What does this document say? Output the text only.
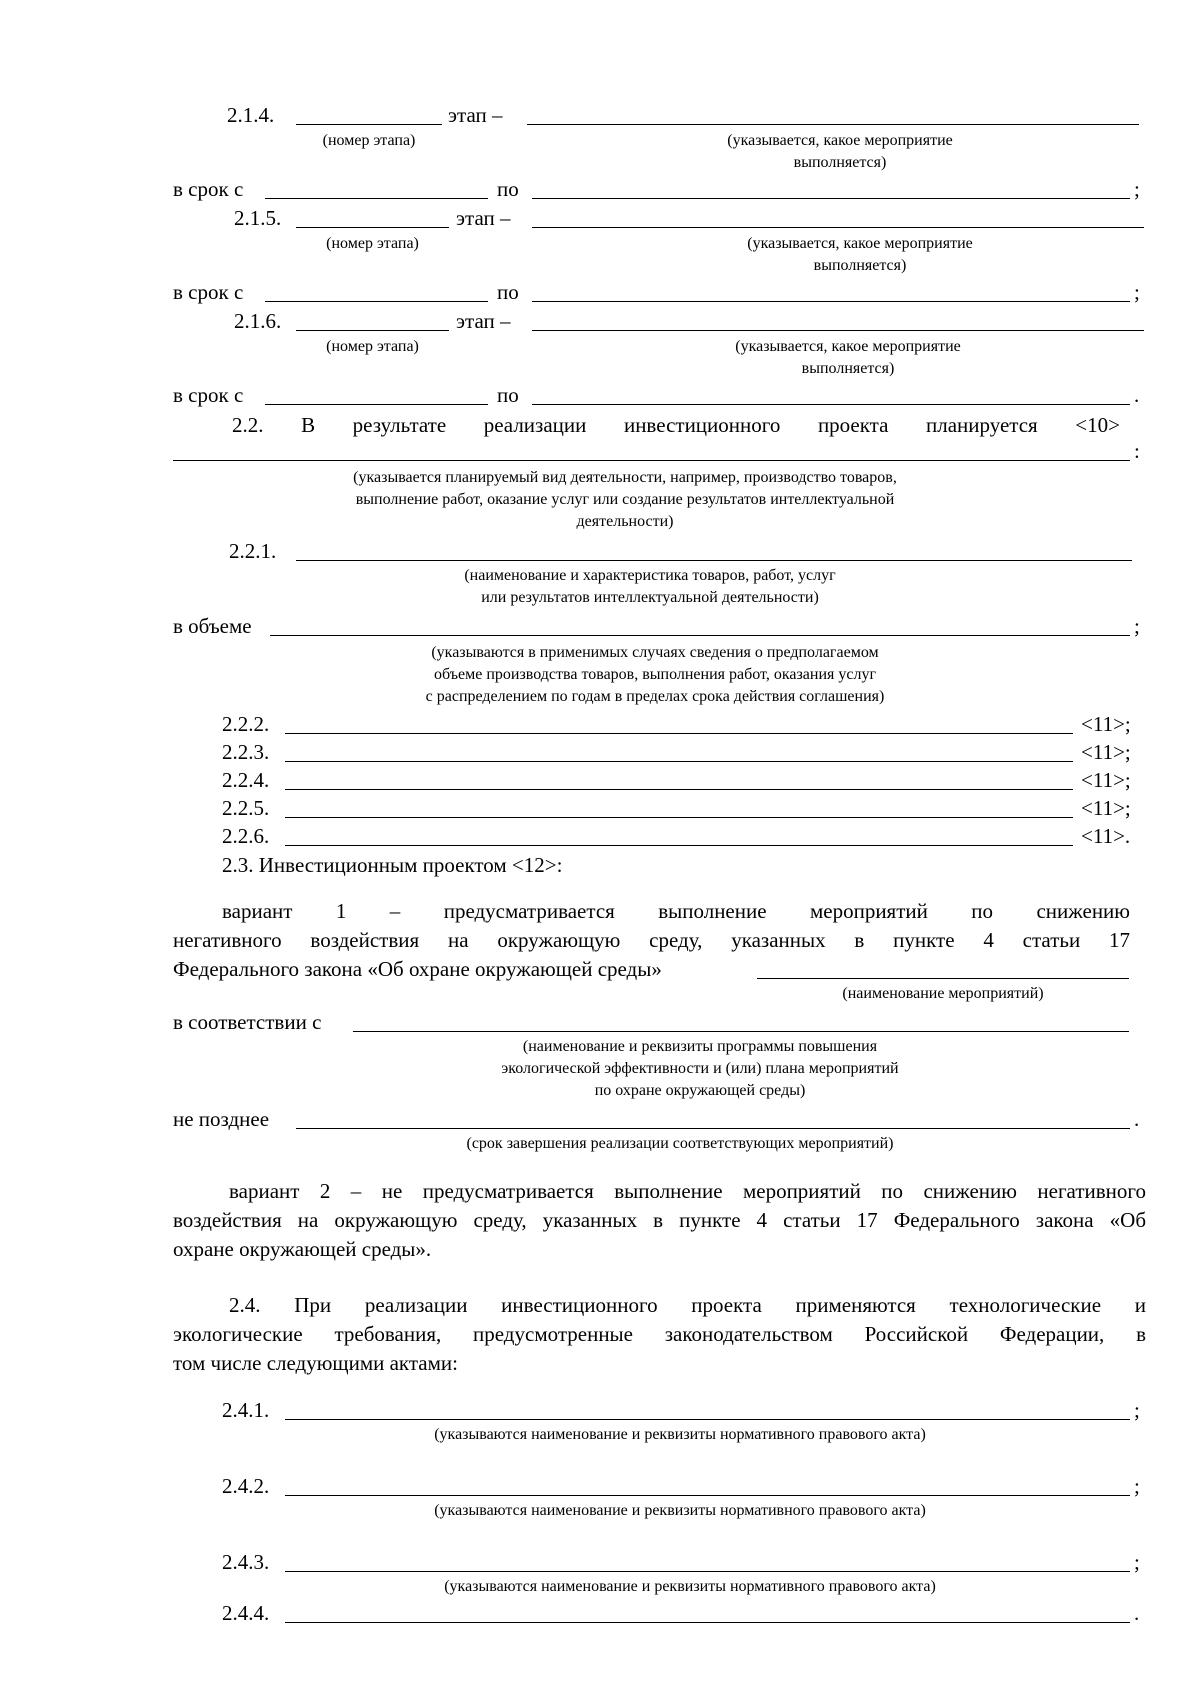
2.1.4.	этап –
(номер этапа)	(указывается, какое мероприятие
выполняется)
в срок с	по	;
2.1.5.	этап –
(номер этапа)	(указывается, какое мероприятие
выполняется)
в срок с	по	;
2.1.6.	этап –
(номер этапа)	(указывается, какое мероприятие
выполняется)
в срок с	по	.
2.2. В результате реализации инвестиционного проекта планируется <10>
:
(указывается планируемый вид деятельности, например, производство товаров,
выполнение работ, оказание услуг или создание результатов интеллектуальной
деятельности)
2.2.1.
(наименование и характеристика товаров, работ, услуг
или результатов интеллектуальной деятельности)
в объеме	;
(указываются в применимых случаях сведения о предполагаемом
объеме производства товаров, выполнения работ, оказания услуг
с распределением по годам в пределах срока действия соглашения)
2.2.2.	<11>;
2.2.3.	<11>;
2.2.4.	<11>;
2.2.5.	<11>;
2.2.6.	<11>.
2.3. Инвестиционным проектом <12>:
вариант 1 – предусматривается выполнение мероприятий по снижению
негативного воздействия на окружающую среду, указанных в пункте 4 статьи 17
Федерального закона «Об охране окружающей среды»
(наименование мероприятий)
в соответствии с
(наименование и реквизиты программы повышения
экологической эффективности и (или) плана мероприятий
по охране окружающей среды)
не позднее	.
(срок завершения реализации соответствующих мероприятий)
вариант 2 – не предусматривается выполнение мероприятий по снижению негативного
воздействия на окружающую среду, указанных в пункте 4 статьи 17 Федерального закона «Об
охране окружающей среды».
2.4. При реализации инвестиционного проекта применяются технологические и
экологические требования, предусмотренные законодательством Российской Федерации, в
том числе следующими актами:
2.4.1.	;
(указываются наименование и реквизиты нормативного правового акта)
2.4.2.	;
(указываются наименование и реквизиты нормативного правового акта)
2.4.3.	;
(указываются наименование и реквизиты нормативного правового акта)
2.4.4.	.
